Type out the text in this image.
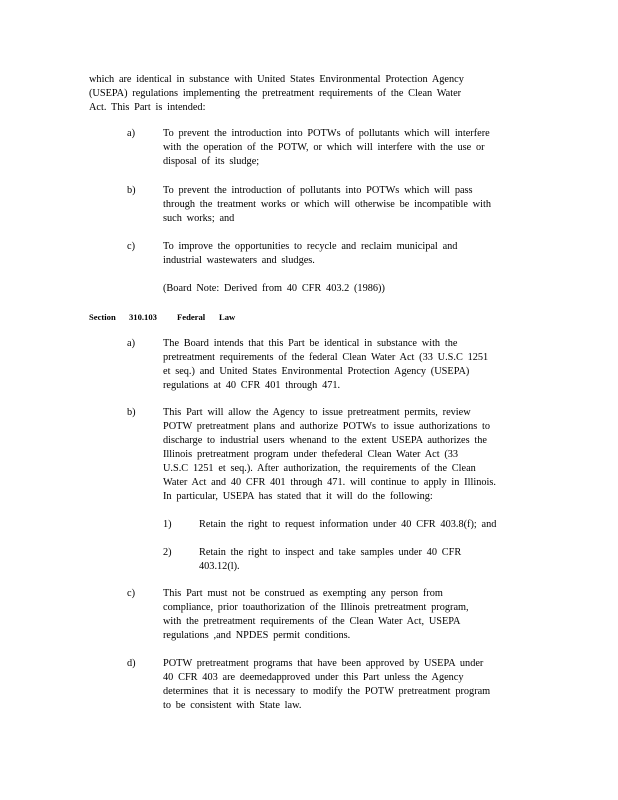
which are identical in substance with United States Environmental Protection Agency
(USEPA) regulations implementing the pretreatment requirements of the Clean Water
Act. This Part is intended:
a)	To prevent the introduction into POTWs of pollutants which will interfere
with the operation of the POTW, or which will interfere with the use or
disposal of its sludge;
b)	To prevent the introduction of pollutants into POTWs which will pass
through the treatment works or which will otherwise be incompatible with
such works; and
c)	To improve the opportunities to recycle and reclaim municipal and
industrial wastewaters and sludges.
(Board Note: Derived from 40 CFR 403.2 (1986))
Section 310.103 Federal Law
a)	The Board intends that this Part be identical in substance with the
pretreatment requirements of the federal Clean Water Act (33 U.S.C 1251
et seq.) and United States Environmental Protection Agency (USEPA)
regulations at 40 CFR 401 through 471.
b)	This Part will allow the Agency to issue pretreatment permits, review
POTW pretreatment plans and authorize POTWs to issue authorizations to
discharge to industrial users whenand to the extent USEPA authorizes the
Illinois pretreatment program under thefederal Clean Water Act (33
U.S.C 1251 et seq.). After authorization, the requirements of the Clean
Water Act and 40 CFR 401 through 471. will continue to apply in Illinois.
In particular, USEPA has stated that it will do the following:
1)	Retain the right to request information under 40 CFR 403.8(f); and
2)	Retain the right to inspect and take samples under 40 CFR
403.12(l).
c)	This Part must not be construed as exempting any person from
compliance, prior toauthorization of the Illinois pretreatment program,
with the pretreatment requirements of the Clean Water Act, USEPA
regulations ,and NPDES permit conditions.
d)	POTW pretreatment programs that have been approved by USEPA under
40 CFR 403 are deemedapproved under this Part unless the Agency
determines that it is necessary to modify the POTW pretreatment program
to be consistent with State law.
